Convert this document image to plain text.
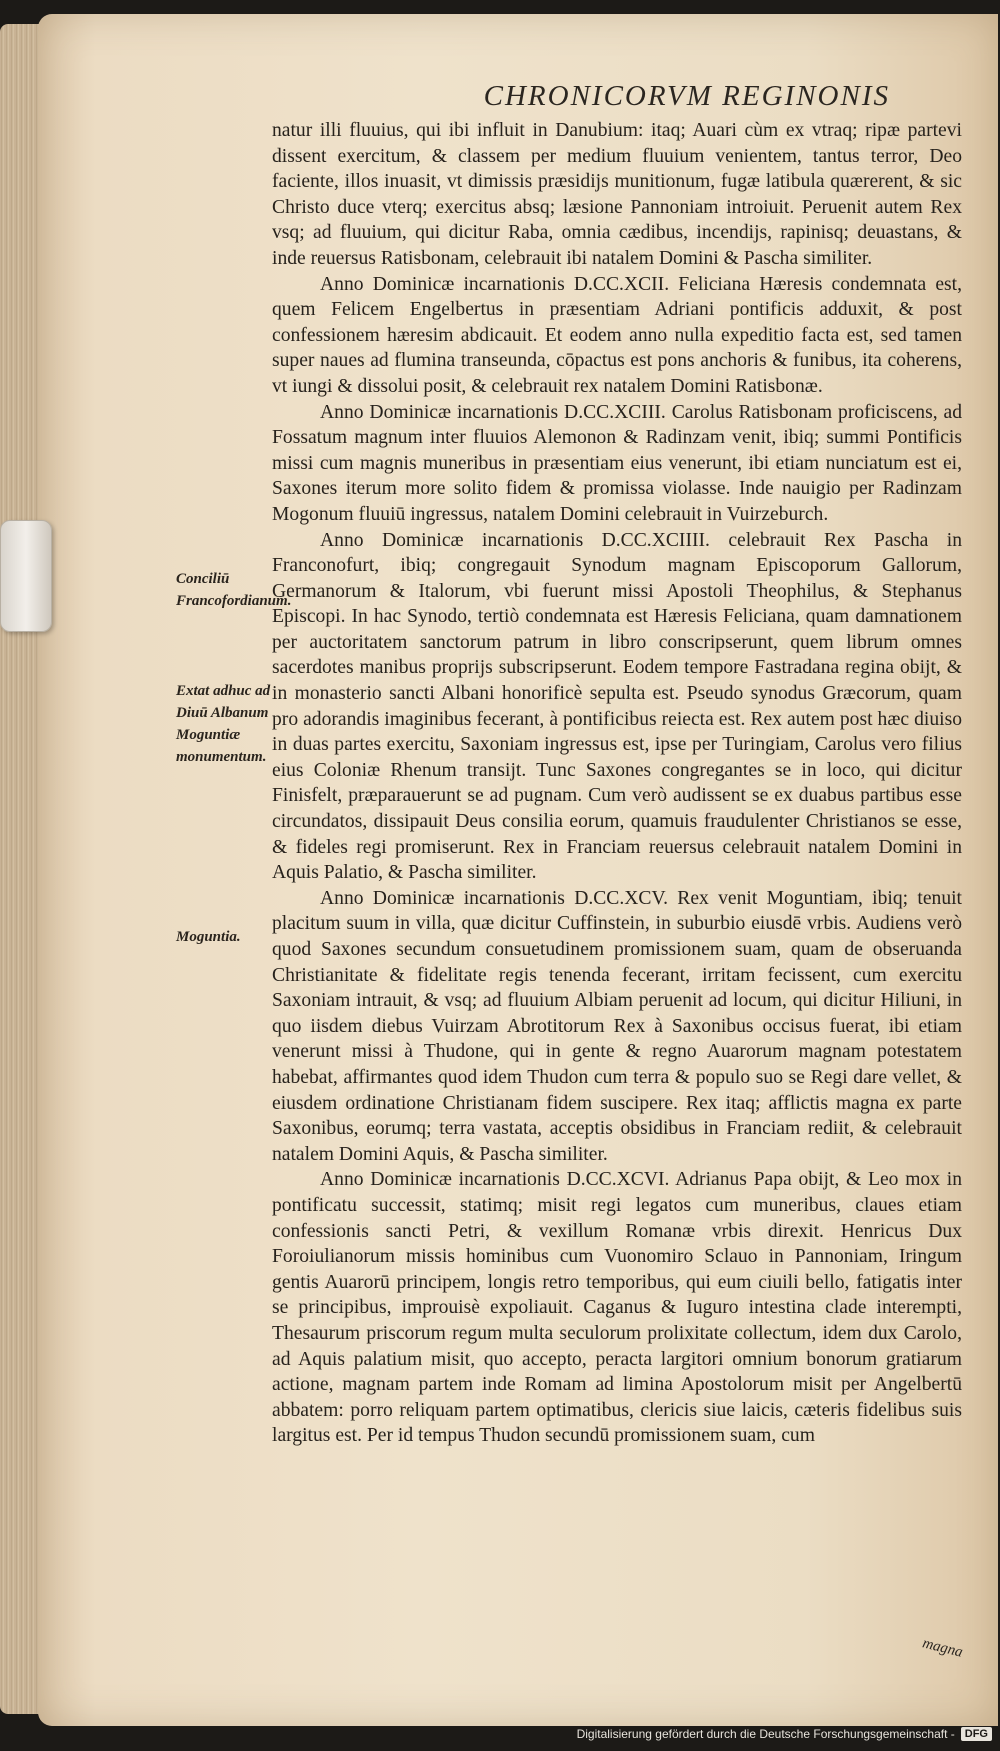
CHRONICORVM REGINONIS

natur illi fluuius, qui ibi influit in Danubium: itaq; Auari cùm ex vtraq; ripæ partevi dissent exercitum, & classem per medium fluuium venientem, tantus terror, Deo faciente, illos inuasit, vt dimissis præsidijs munitionum, fugæ latibula quærerent, & sic Christo duce vterq; exercitus absq; læsione Pannoniam introiuit. Peruenit autem Rex vsq; ad fluuium, qui dicitur Raba, omnia cædibus, incendijs, rapinisq; deuastans, & inde reuersus Ratisbonam, celebrauit ibi natalem Domini & Pascha similiter.

Anno Dominicæ incarnationis D.CC.XCII. Feliciana Hæresis condemnata est, quem Felicem Engelbertus in præsentiam Adriani pontificis adduxit, & post confessionem hæresim abdicauit. Et eodem anno nulla expeditio facta est, sed tamen super naues ad flumina transeunda, cōpactus est pons anchoris & funibus, ita coherens, vt iungi & dissolui posit, & celebrauit rex natalem Domini Ratisbonæ.

Anno Dominicæ incarnationis D.CC.XCIII. Carolus Ratisbonam proficiscens, ad Fossatum magnum inter fluuios Alemonon & Radinzam venit, ibiq; summi Pontificis missi cum magnis muneribus in præsentiam eius venerunt, ibi etiam nunciatum est ei, Saxones iterum more solito fidem & promissa violasse. Inde nauigio per Radinzam Mogonum fluuiū ingressus, natalem Domini celebrauit in Vuirzeburch.

Anno Dominicæ incarnationis D.CC.XCIIII. celebrauit Rex Pascha in Franconofurt, ibiq; congregauit Synodum magnam Episcoporum Gallorum, Germanorum & Italorum, vbi fuerunt missi Apostoli Theophilus, & Stephanus Episcopi. In hac Synodo, tertiò condemnata est Hæresis Feliciana, quam damnationem per auctoritatem sanctorum patrum in libro conscripserunt, quem librum omnes sacerdotes manibus proprijs subscripserunt. Eodem tempore Fastradana regina obijt, & in monasterio sancti Albani honorificè sepulta est. Pseudo synodus Græcorum, quam pro adorandis imaginibus fecerant, à pontificibus reiecta est. Rex autem post hæc diuiso in duas partes exercitu, Saxoniam ingressus est, ipse per Turingiam, Carolus vero filius eius Coloniæ Rhenum transijt. Tunc Saxones congregantes se in loco, qui dicitur Finisfelt, præparauerunt se ad pugnam. Cum verò audissent se ex duabus partibus esse circundatos, dissipauit Deus consilia eorum, quamuis fraudulenter Christianos se esse, & fideles regi promiserunt. Rex in Franciam reuersus celebrauit natalem Domini in Aquis Palatio, & Pascha similiter.

Anno Dominicæ incarnationis D.CC.XCV. Rex venit Moguntiam, ibiq; tenuit placitum suum in villa, quæ dicitur Cuffinstein, in suburbio eiusdē vrbis. Audiens verò quod Saxones secundum consuetudinem promissionem suam, quam de obseruanda Christianitate & fidelitate regis tenenda fecerant, irritam fecissent, cum exercitu Saxoniam intrauit, & vsq; ad fluuium Albiam peruenit ad locum, qui dicitur Hiliuni, in quo iisdem diebus Vuirzam Abrotitorum Rex à Saxonibus occisus fuerat, ibi etiam venerunt missi à Thudone, qui in gente & regno Auarorum magnam potestatem habebat, affirmantes quod idem Thudon cum terra & populo suo se Regi dare vellet, & eiusdem ordinatione Christianam fidem suscipere. Rex itaq; afflictis magna ex parte Saxonibus, eorumq; terra vastata, acceptis obsidibus in Franciam rediit, & celebrauit natalem Domini Aquis, & Pascha similiter.

Anno Dominicæ incarnationis D.CC.XCVI. Adrianus Papa obijt, & Leo mox in pontificatu successit, statimq; misit regi legatos cum muneribus, claues etiam confessionis sancti Petri, & vexillum Romanæ vrbis direxit. Henricus Dux Foroiulianorum missis hominibus cum Vuonomiro Sclauo in Pannoniam, Iringum gentis Auarorū principem, longis retro temporibus, qui eum ciuili bello, fatigatis inter se principibus, improuisè expoliauit. Caganus & Iuguro intestina clade interempti, Thesaurum priscorum regum multa seculorum prolixitate collectum, idem dux Carolo, ad Aquis palatium misit, quo accepto, peracta largitori omnium bonorum gratiarum actione, magnam partem inde Romam ad limina Apostolorum misit per Angelbertū abbatem: porro reliquam partem optimatibus, clericis siue laicis, cæteris fidelibus suis largitus est. Per id tempus Thudon secundū promissionem suam, cum

Conciliū Francofordianum.
Extat adhuc ad Diuū Albanum Moguntiæ monumentum.
Moguntia.
magna
Digitalisierung gefördert durch die Deutsche Forschungsgemeinschaft - DFG
